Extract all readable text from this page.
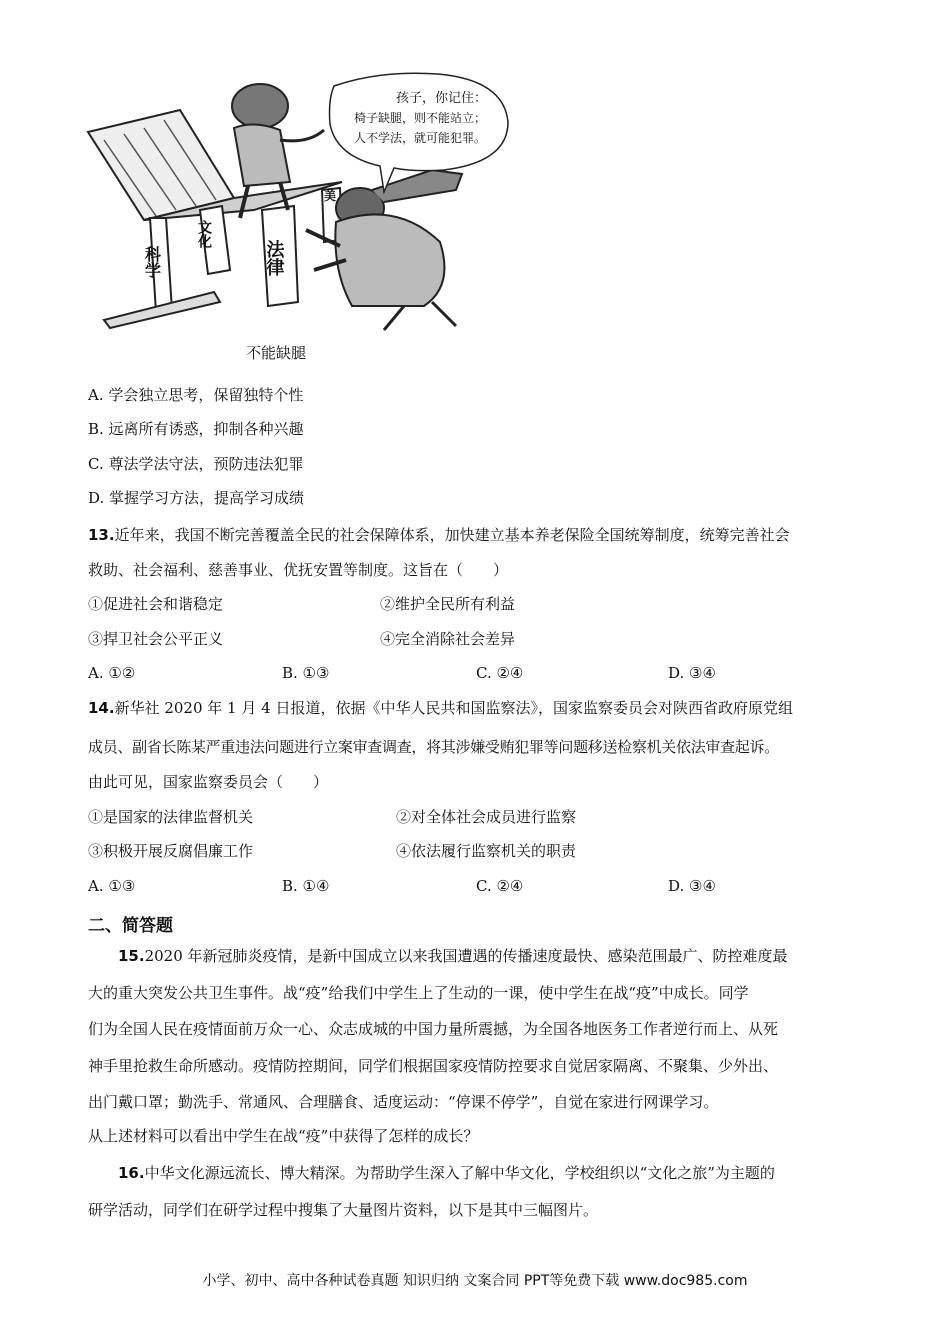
孩子，你记住：
椅子缺腿，则不能站立；
人不学法，就可能犯罪。
科学
文化
法律
美
不能缺腿
A. 学会独立思考，保留独特个性
B. 远离所有诱惑，抑制各种兴趣
C. 尊法学法守法，预防违法犯罪
D. 掌握学习方法，提高学习成绩
13.近年来，我国不断完善覆盖全民的社会保障体系，加快建立基本养老保险全国统筹制度，统筹完善社会
救助、社会福利、慈善事业、优抚安置等制度。这旨在（　　）
①促进社会和谐稳定	②维护全民所有利益
③捍卫社会公平正义	④完全消除社会差异
A. ①②	B. ①③	C. ②④	D. ③④
14.新华社 2020 年 1 月 4 日报道，依据《中华人民共和国监察法》，国家监察委员会对陕西省政府原党组
成员、副省长陈某严重违法问题进行立案审查调查，将其涉嫌受贿犯罪等问题移送检察机关依法审查起诉。
由此可见，国家监察委员会（　　）
①是国家的法律监督机关	②对全体社会成员进行监察
③积极开展反腐倡廉工作	④依法履行监察机关的职责
A. ①③	B. ①④	C. ②④	D. ③④
二、简答题
15.2020 年新冠肺炎疫情，是新中国成立以来我国遭遇的传播速度最快、感染范围最广、防控难度最
大的重大突发公共卫生事件。战“疫”给我们中学生上了生动的一课，使中学生在战“疫”中成长。同学
们为全国人民在疫情面前万众一心、众志成城的中国力量所震撼，为全国各地医务工作者逆行而上、从死
神手里抢救生命所感动。疫情防控期间，同学们根据国家疫情防控要求自觉居家隔离、不聚集、少外出、
出门戴口罩；勤洗手、常通风、合理膳食、适度运动：“停课不停学”，自觉在家进行网课学习。
从上述材料可以看出中学生在战“疫”中获得了怎样的成长？
16.中华文化源远流长、博大精深。为帮助学生深入了解中华文化，学校组织以“文化之旅”为主题的
研学活动，同学们在研学过程中搜集了大量图片资料，以下是其中三幅图片。
小学、初中、高中各种试卷真题 知识归纳 文案合同 PPT等免费下载 www.doc985.com
